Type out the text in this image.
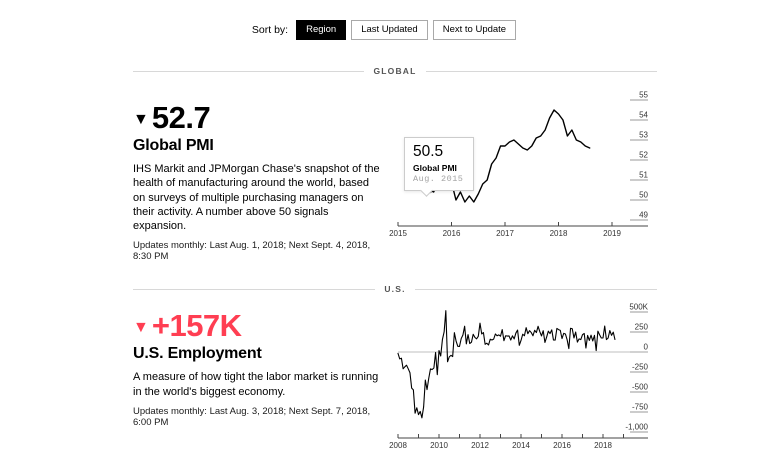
Sort by:	Region	Last Updated	Next to Update
GLOBAL
▼52.7
Global PMI
IHS Markit and JPMorgan Chase's snapshot of the health of manufacturing around the world, based on surveys of multiple purchasing managers on their activity. A number above 50 signals expansion.
Updates monthly: Last Aug. 1, 2018; Next Sept. 4, 2018, 8:30 PM
2015	2016	2017	2018	2019
55
54
53
52
51
50
49
50.5
Global PMI
Aug. 2015
U.S.
▼+157K
U.S. Employment
A measure of how tight the labor market is running in the world's biggest economy.
Updates monthly: Last Aug. 3, 2018; Next Sept. 7, 2018, 6:00 PM
2008	2010	2012	2014	2016	2018
500K
250
0
-250
-500
-750
-1,000
